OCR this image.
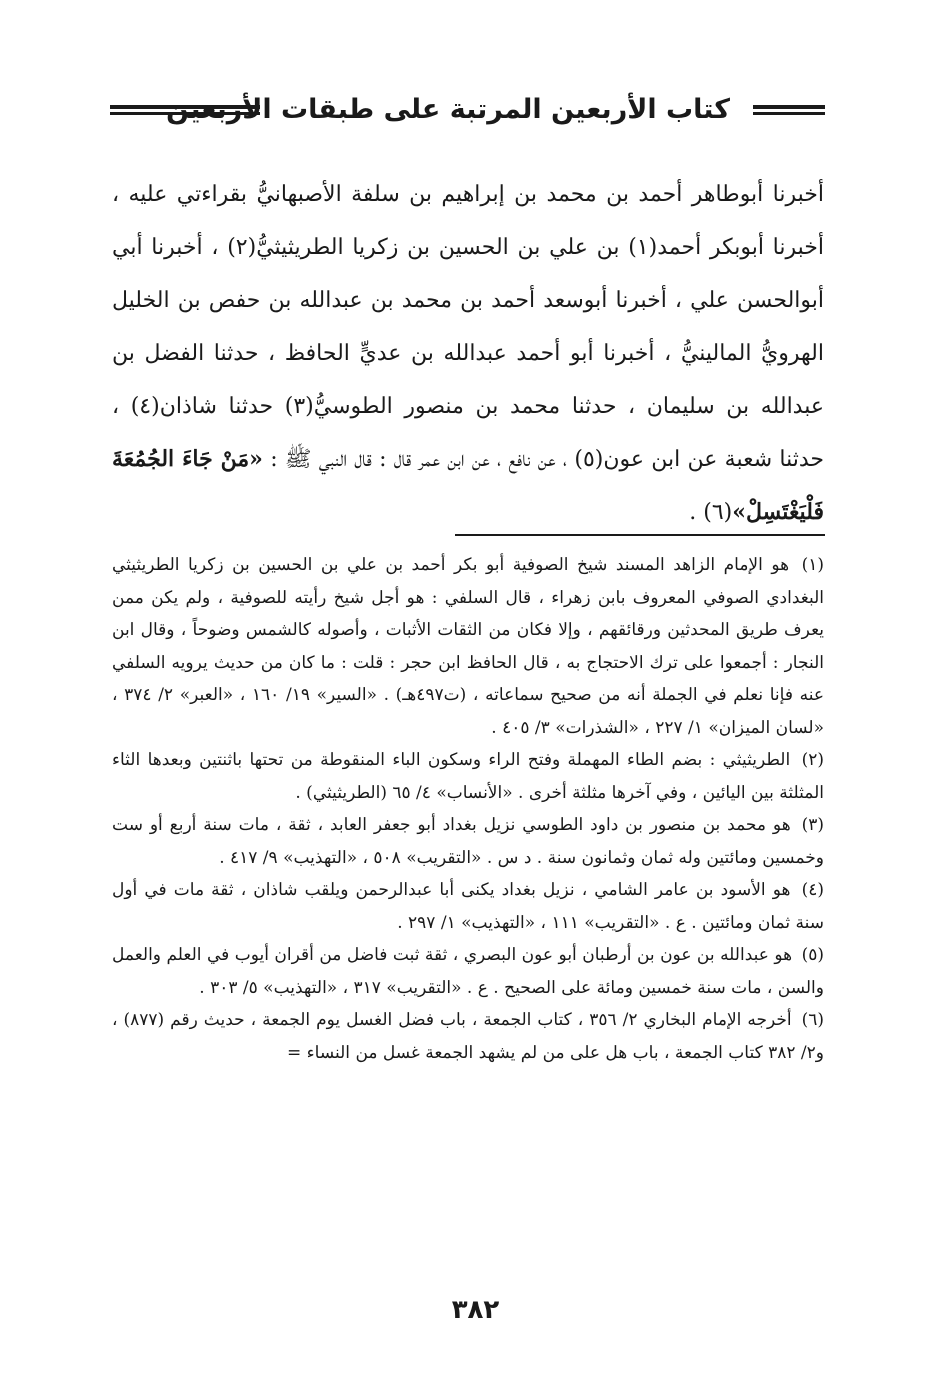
كتاب الأربعين المرتبة على طبقات الأربعين

أخبرنا أبوطاهر أحمد بن محمد بن إبراهيم بن سلفة الأصبهانيُّ بقراءتي عليه ، أخبرنا أبوبكر أحمد(١) بن علي بن الحسين بن زكريا الطريثيثيُّ(٢) ، أخبرنا أبي أبوالحسن علي ، أخبرنا أبوسعد أحمد بن محمد بن عبدالله بن حفص بن الخليل الهرويُّ المالينيُّ ، أخبرنا أبو أحمد عبدالله بن عديٍّ الحافظ ، حدثنا الفضل بن عبدالله بن سليمان ، حدثنا محمد بن منصور الطوسيُّ(٣) حدثنا شاذان(٤) ، حدثنا شعبة عن ابن عون(٥) ، عن نافع ، عن ابن عمر قال : قال النبي ﷺ : «مَنْ جَاءَ الجُمُعَةَ فَلْيَغْتَسِلْ»(٦) .

(١) هو الإمام الزاهد المسند شيخ الصوفية أبو بكر أحمد بن علي بن الحسين بن زكريا الطريثيثي البغدادي الصوفي المعروف بابن زهراء ، قال السلفي : هو أجل شيخ رأيته للصوفية ، ولم يكن ممن يعرف طريق المحدثين ورقائقهم ، وإلا فكان من الثقات الأثبات ، وأصوله كالشمس وضوحاً ، وقال ابن النجار : أجمعوا على ترك الاحتجاج به ، قال الحافظ ابن حجر : قلت : ما كان من حديث يرويه السلفي عنه فإنا نعلم في الجملة أنه من صحيح سماعاته ، (ت٤٩٧هـ) . «السير» ١٩/ ١٦٠ ، «العبر» ٢/ ٣٧٤ ، «لسان الميزان» ١/ ٢٢٧ ، «الشذرات» ٣/ ٤٠٥ .

(٢) الطريثيثي : بضم الطاء المهملة وفتح الراء وسكون الباء المنقوطة من تحتها باثنتين وبعدها الثاء المثلثة بين اليائين ، وفي آخرها مثلثة أخرى . «الأنساب» ٤/ ٦٥ (الطريثيثي) .

(٣) هو محمد بن منصور بن داود الطوسي نزيل بغداد أبو جعفر العابد ، ثقة ، مات سنة أربع أو ست وخمسين ومائتين وله ثمان وثمانون سنة . د س . «التقريب» ٥٠٨ ، «التهذيب» ٩/ ٤١٧ .

(٤) هو الأسود بن عامر الشامي ، نزيل بغداد يكنى أبا عبدالرحمن ويلقب شاذان ، ثقة مات في أول سنة ثمان ومائتين . ع . «التقريب» ١١١ ، «التهذيب» ١/ ٢٩٧ .

(٥) هو عبدالله بن عون بن أرطبان أبو عون البصري ، ثقة ثبت فاضل من أقران أيوب في العلم والعمل والسن ، مات سنة خمسين ومائة على الصحيح . ع . «التقريب» ٣١٧ ، «التهذيب» ٥/ ٣٠٣ .

(٦) أخرجه الإمام البخاري ٢/ ٣٥٦ ، كتاب الجمعة ، باب فضل الغسل يوم الجمعة ، حديث رقم (٨٧٧) ، و٢/ ٣٨٢ كتاب الجمعة ، باب هل على من لم يشهد الجمعة غسل من النساء =

٣٨٢
